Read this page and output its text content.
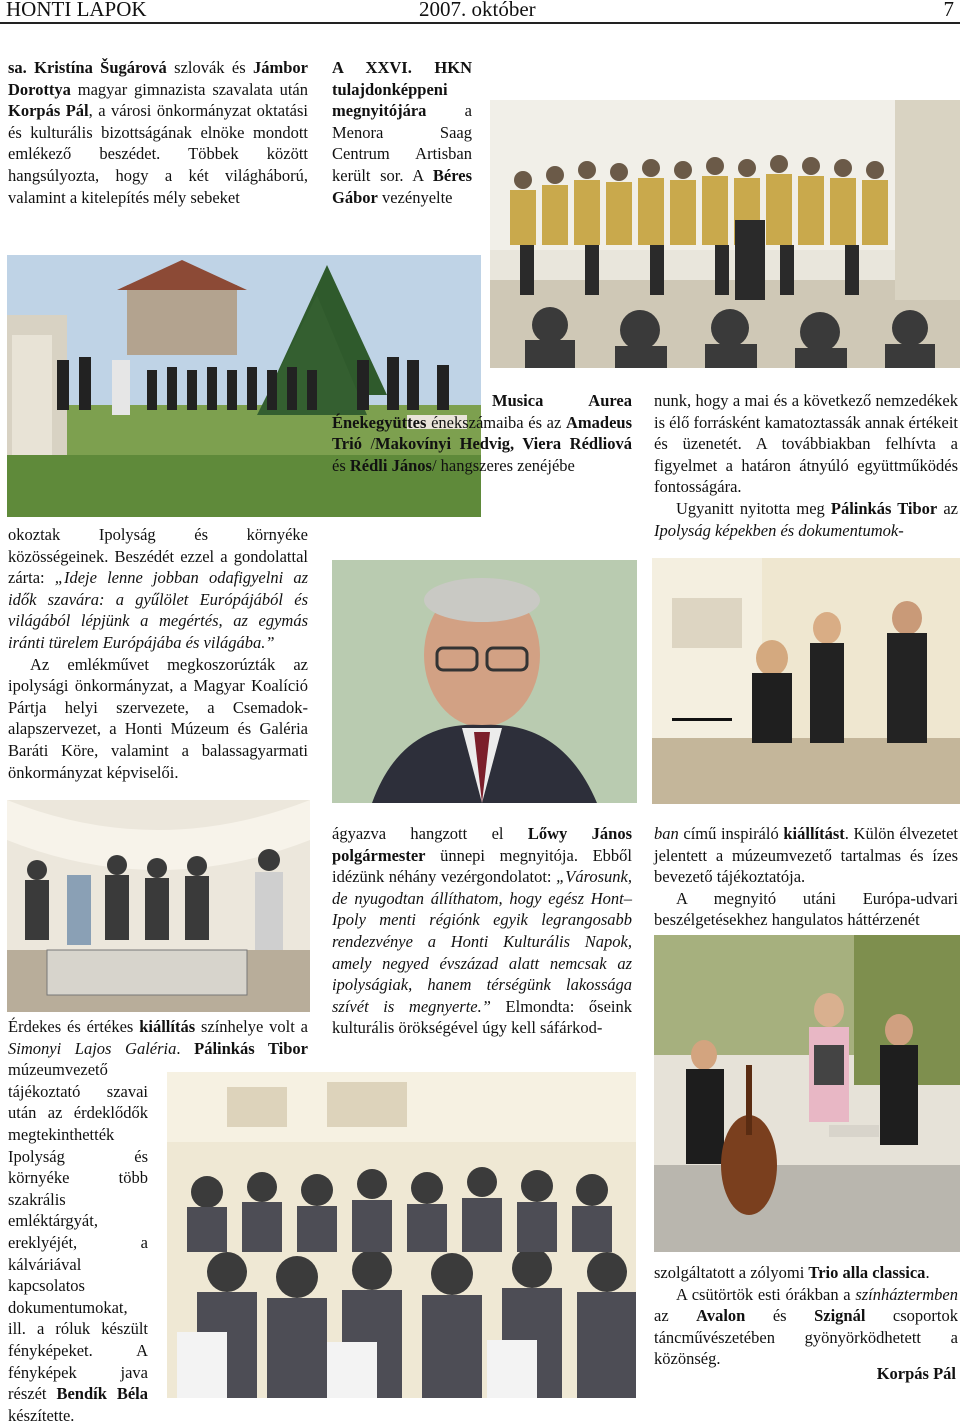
HONTI LAPOK	2007. október	7

sa. Kristína Šugárová szlovák és Jámbor Dorottya magyar gimnazista szavalata után Korpás Pál, a városi önkormányzat oktatási és kulturális bizottságának elnöke mondott emlékező beszédet. Többek között hangsúlyozta, hogy a két világháború, valamint a kitelepítés mély sebeket

A XXVI. HKN tulajdonképpeni megnyitójára a Menora Saag Centrum Artisban került sor. A Béres Gábor vezényelte

okoztak Ipolyság és környéke közösségeinek. Beszédét ezzel a gondolattal zárta: „Ideje lenne jobban odafigyelni az idők szavára: a gyűlölet Európájából és világából lépjünk a megértés, az egymás iránti türelem Európájába és világába.”

Az emlékművet megkoszorúzták az ipolysági önkormányzat, a Magyar Koalíció Pártja helyi szervezete, a Csemadok-alapszervezet, a Honti Múzeum és Galéria Baráti Köre, valamint a balassagyarmati önkormányzat képviselői.

Musica Aurea Énekegyüttes énekszámaiba és az Amadeus Trió /Makovínyi Hedvig, Viera Rédliová és Rédli János/ hangszeres zenéjébe

nunk, hogy a mai és a következő nemzedékek is élő forrásként kamatoztassák annak értékeit és üzenetét. A továbbiakban felhívta a figyelmet a határon átnyúló együttműködés fontosságára.

Ugyanitt nyitotta meg Pálinkás Tibor az Ipolyság képekben és dokumentumok-

ágyazva hangzott el Lőwy János polgármester ünnepi megnyitója. Ebből idézünk néhány vezérgondolatot: „Városunk, de nyugodtan állíthatom, hogy egész Hont–Ipoly menti régiónk egyik legrangosabb rendezvénye a Honti Kulturális Napok, amely negyed évszázad alatt nemcsak az ipolyságiak, hanem térségünk lakossága szívét is megnyerte.” Elmondta: őseink kulturális örökségével úgy kell sáfárkod-

ban című inspiráló kiállítást. Külön élvezetet jelentett a múzeumvezető tartalmas és ízes bevezető tájékoztatója.

A megnyitó utáni Európa-udvari beszélgetésekhez hangulatos háttérzenét

Érdekes és értékes kiállítás színhelye volt a Simonyi Lajos Galéria. Pálinkás Tibor múzeumvezető tájékoztató szavai után az érdeklődők megtekinthették Ipolyság és környéke több szakrális emléktárgyát, ereklyéjét, a kálváriával kapcsolatos dokumentumokat, ill. a róluk készült fényképeket. A fényképek java részét Bendík Béla készítette.

szolgáltatott a zólyomi Trio alla classica.

A csütörtök esti órákban a színháztermben az Avalon és Szignál csoportok táncművészetében gyönyörködhetett a közönség.

Korpás Pál
